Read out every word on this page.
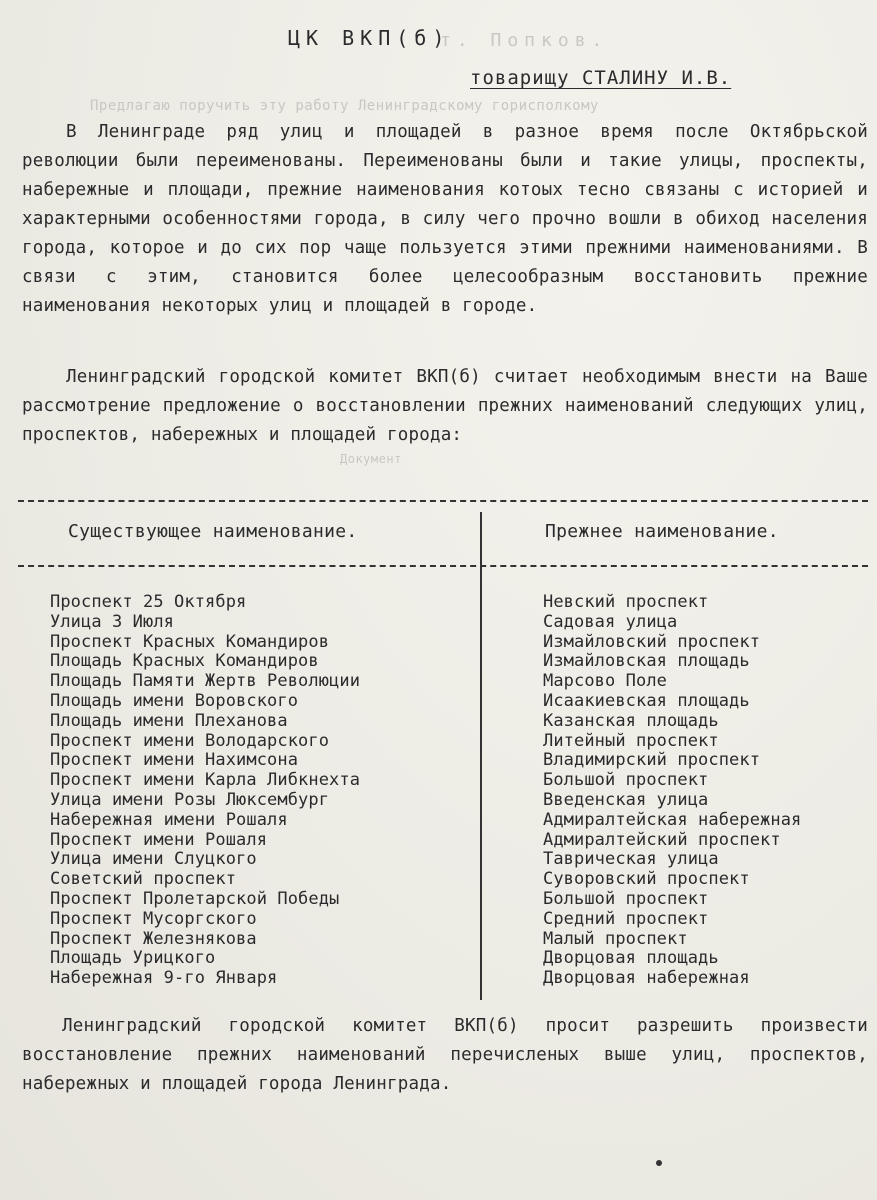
т. Попков.
Предлагаю поручить эту работу Ленинградскому горисполкому
Документ
ЦК ВКП(б)
товарищу СТАЛИНУ И.В.

В Ленинграде ряд улиц и площадей в разное время после Октябрьской революции были переименованы. Переименованы были и такие улицы, проспекты, набережные и площади, прежние наименования котоых тесно связаны с историей и характерными особенностями города, в силу чего прочно вошли в обиход населения города, которое и до сих пор чаще пользуется этими прежними наименованиями. В связи с этим, становится более целесообразным восстановить прежние наименования некоторых улиц и площадей в городе.

Ленинградский городской комитет ВКП(б) считает необходимым внести на Ваше рассмотрение предложение о восстановлении прежних наименований следующих улиц, проспектов, набережных и площадей города:

Существующее наименование.	Прежнее наименование.
Проспект 25 Октября
Улица 3 Июля
Проспект Красных Командиров
Площадь Красных Командиров
Площадь Памяти Жертв Революции
Площадь имени Воровского
Площадь имени Плеханова
Проспект имени Володарского
Проспект имени Нахимсона
Проспект имени Карла Либкнехта
Улица имени Розы Люксембург
Набережная имени Рошаля
Проспект имени Рошаля
Улица имени Слуцкого
Советский проспект
Проспект Пролетарской Победы
Проспект Мусоргского
Проспект Железнякова
Площадь Урицкого
Набережная 9-го Января
Невский проспект
Садовая улица
Измайловский проспект
Измайловская площадь
Марсово Поле
Исаакиевская площадь
Казанская площадь
Литейный проспект
Владимирский проспект
Большой проспект
Введенская улица
Адмиралтейская набережная
Адмиралтейский проспект
Таврическая улица
Суворовский проспект
Большой проспект
Средний проспект
Малый проспект
Дворцовая площадь
Дворцовая набережная

Ленинградский городской комитет ВКП(б) просит разрешить произвести восстановление прежних наименований перечисленых выше улиц, проспектов, набережных и площадей города Ленинграда.
